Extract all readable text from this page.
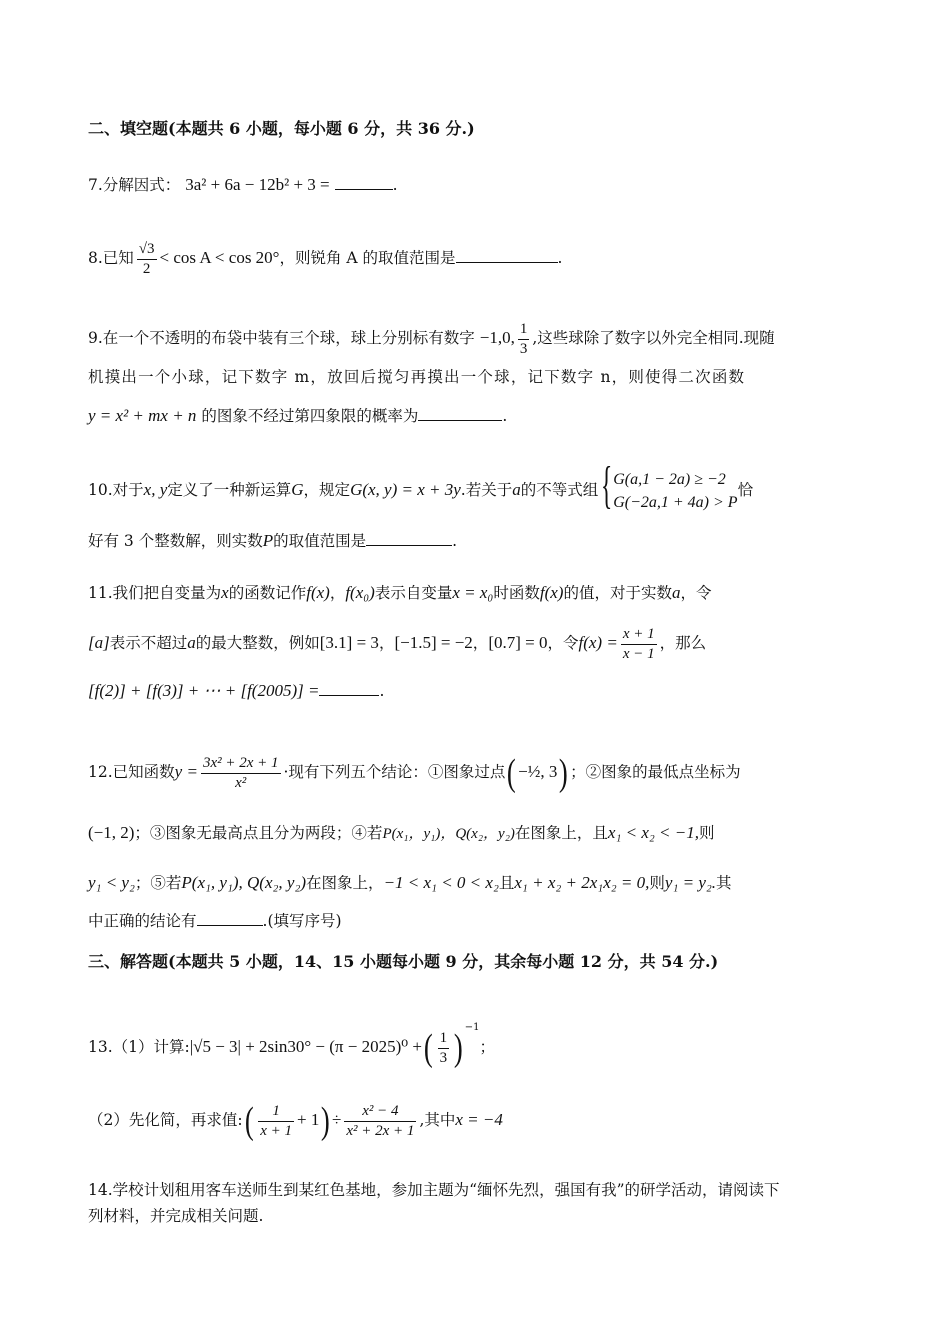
二、填空题(本题共 6 小题，每小题 6 分，共 36 分.)
7.分解因式： 3a² + 6a − 12b² + 3 =	.
8.已知 $\frac{√3}{2} < \cos A < \cos 20^\circ$，则锐角 A 的取值范围是	.
9.在一个不透明的布袋中装有三个球，球上分别标有数字 −1,0, $\frac{1}{3}$ ,这些球除了数字以外完全相同.现随
机摸出一个小球，记下数字 m，放回后搅匀再摸出一个球，记下数字 n，则使得二次函数
y = x² + mx + n 的图象不经过第四象限的概率为	.
10.对于x, y定义了一种新运算G，规定G(x, y) = x + 3y.若关于a的不等式组 { G(a,1 − 2a) ≥ −2
G(−2a,1 + 4a) > P
恰
好有 3 个整数解，则实数P的取值范围是	.
11.我们把自变量为x的函数记作f(x)，f(x₀)表示自变量x = x₀时函数f(x)的值，对于实数a，令
[a]表示不超过a的最大整数，例如[3.1] = 3，[−1.5] = −2，[0.7] = 0，令$f(x) = \frac{x + 1}{x - 1}$ ，那么
[f(2)] + [f(3)] + ⋯ + [f(2005)] =	.
12.已知函数$y = \frac{\text{3x² + 2x + 1}}{\text{x²}}$ ·现有下列五个结论：①图象过点( −½, 3) ；②图象的最低点坐标为
(−1, 2)；③图象无最高点且分为两段；④若P(x₁，y₁)，Q(x₂，y₂)在图象上，且x₁ < x₂ < −1,则
y₁ < y₂；⑤若P(x₁, y₁), Q(x₂, y₂)在图象上，−1 < x₁ < 0 < x₂且x₁ + x₂ + 2x₁x₂ = 0,则y₁ = y₂.其
中正确的结论有	.(填写序号)
三、解答题(本题共 5 小题，14、15 小题每小题 9 分，其余每小题 12 分，共 54 分.)
13.（1）计算:|√5 − 3| + 2sin30° − (π − 2025)⁰ +( $\frac{1}{3}$ ) $^{-1}$；
（2）先化简，再求值:( $\frac{1}{x + 1} + 1) \div \frac{\text{x² − 4}}{\text{x² + 2x + 1}}$ ,其中x = −4
14.学校计划租用客车送师生到某红色基地，参加主题为“缅怀先烈，强国有我”的研学活动，请阅读下
列材料，并完成相关问题.
